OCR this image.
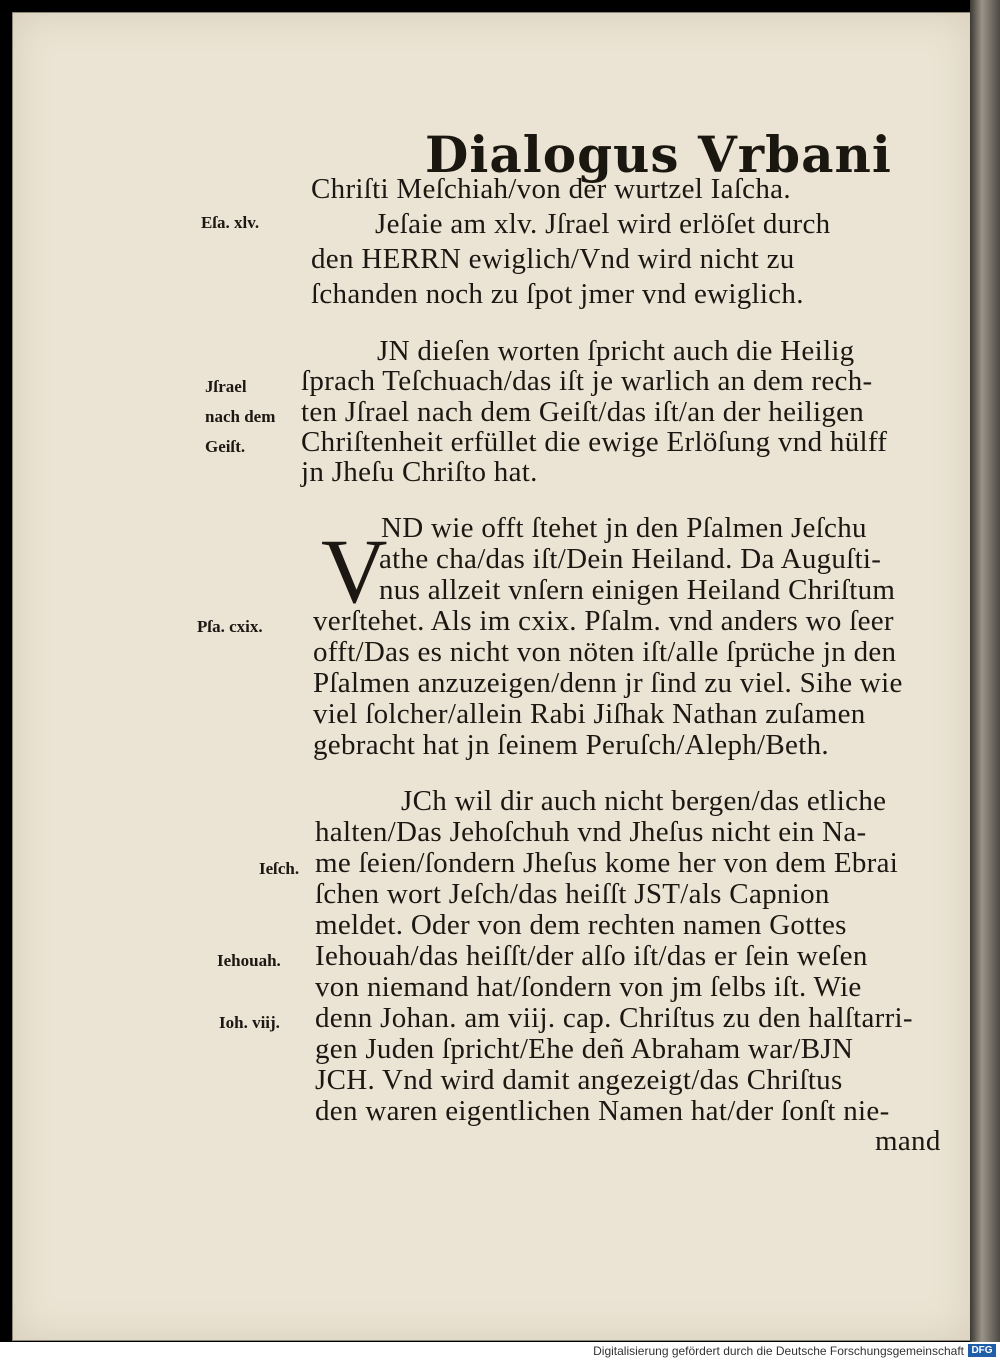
Dialogus Vrbani
V
Chriſti Meſchiah/von der wurtzel Iaſcha.
Jeſaie am xlv. Jſrael wird erlöſet durch
den HERRN ewiglich/Vnd wird nicht zu
ſchanden noch zu ſpot jmer vnd ewiglich.
JN dieſen worten ſpricht auch die Heilig
ſprach Teſchuach/das iſt je warlich an dem rech-
ten Jſrael nach dem Geiſt/das iſt/an der heiligen
Chriſtenheit erfüllet die ewige Erlöſung vnd hülff
jn Jheſu Chriſto hat.
ND wie offt ſtehet jn den Pſalmen Jeſchu
athe cha/das iſt/Dein Heiland. Da Auguſti-
nus allzeit vnſern einigen Heiland Chriſtum
verſtehet. Als im cxix. Pſalm. vnd anders wo ſeer
offt/Das es nicht von nöten iſt/alle ſprüche jn den
Pſalmen anzuzeigen/denn jr ſind zu viel. Sihe wie
viel ſolcher/allein Rabi Jiſhak Nathan zuſamen
gebracht hat jn ſeinem Peruſch/Aleph/Beth.
JCh wil dir auch nicht bergen/das etliche
halten/Das Jehoſchuh vnd Jheſus nicht ein Na-
me ſeien/ſondern Jheſus kome her von dem Ebrai
ſchen wort Jeſch/das heiſſt JST/als Capnion
meldet. Oder von dem rechten namen Gottes
Iehouah/das heiſſt/der alſo iſt/das er ſein weſen
von niemand hat/ſondern von jm ſelbs iſt. Wie
denn Johan. am viij. cap. Chriſtus zu den halſtarri-
gen Juden ſpricht/Ehe deñ Abraham war/BJN
JCH. Vnd wird damit angezeigt/das Chriſtus
den waren eigentlichen Namen hat/der ſonſt nie-
mand
Eſa. xlv.
Jſrael
nach dem
Geiſt.
Pſa. cxix.
Ieſch.
Iehouah.
Ioh. viij.
Digitalisierung gefördert durch die Deutsche Forschungsgemeinschaft DFG
